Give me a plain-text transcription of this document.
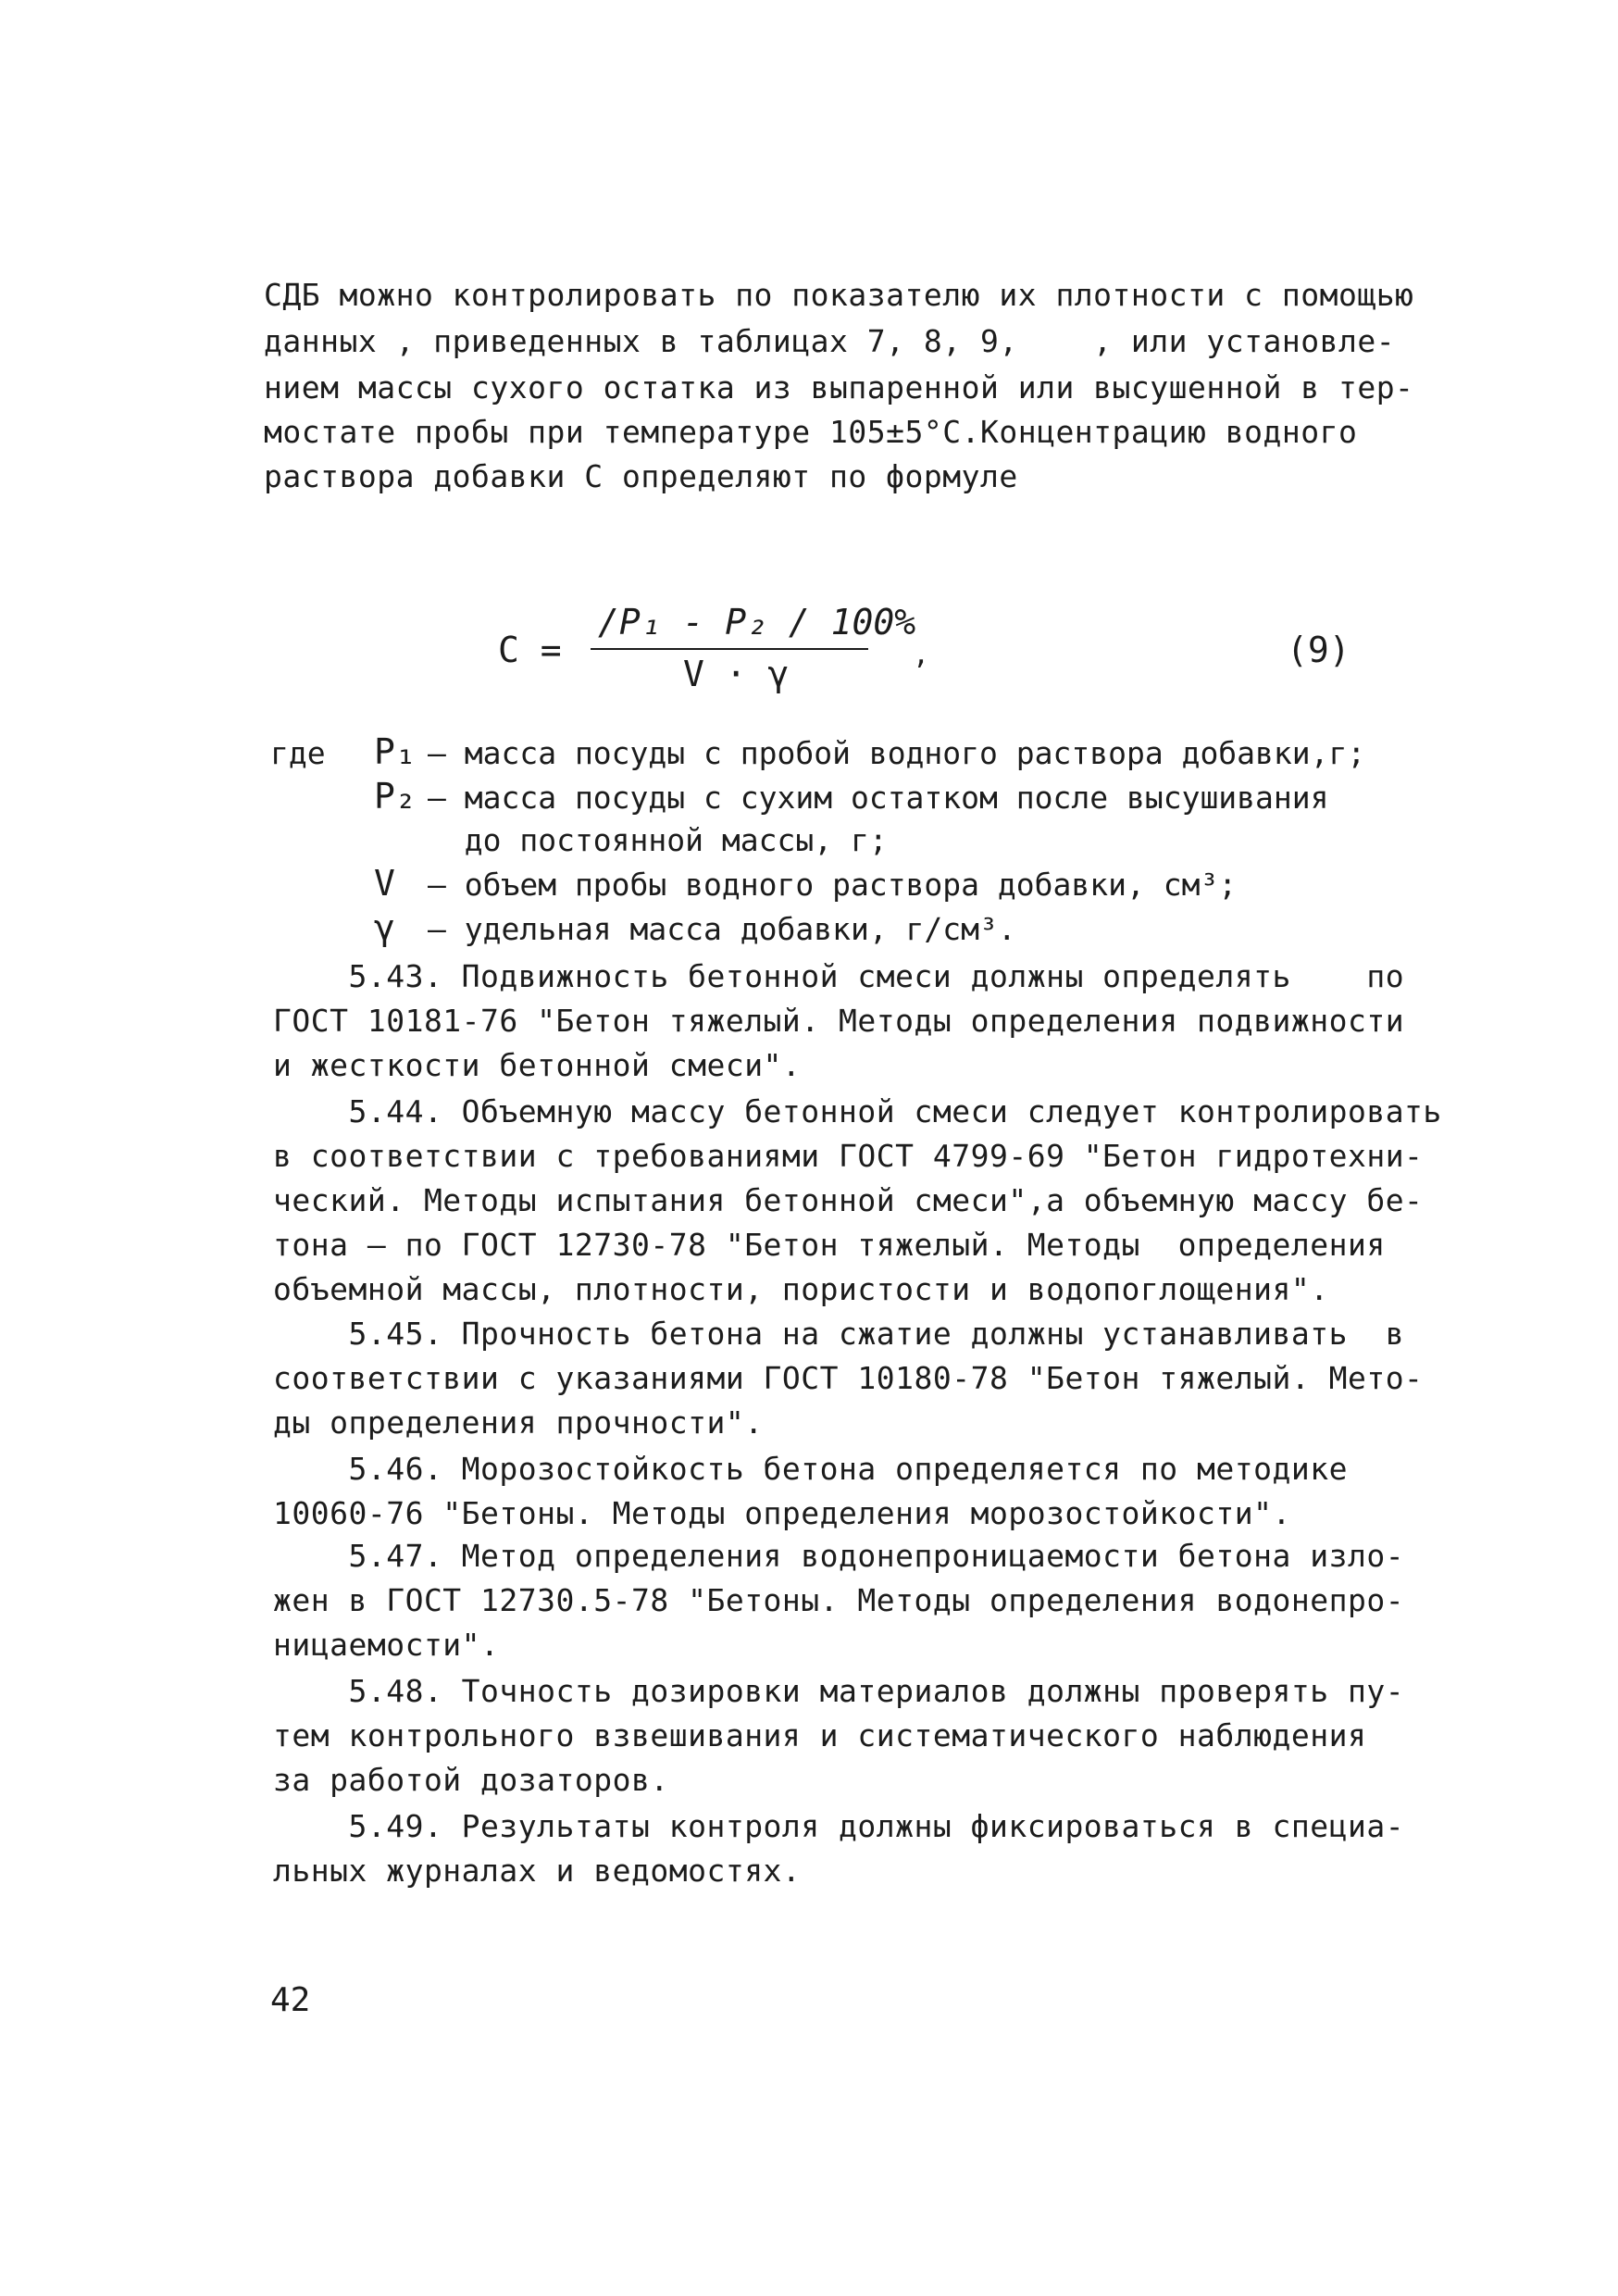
СДБ можно контролировать по показателю их плотности с помощью
данных , приведенных в таблицах 7, 8, 9,    , или установле-
нием массы сухого остатка из выпаренной или высушенной в тер-
мостате пробы при температуре 105±5°С.Концентрацию водного
раствора добавки С определяют по формуле
C =
/P₁ - P₂ / 100%
V · γ	,	(9)
где P₁ – масса посуды с пробой водного раствора добавки,г;
P₂ – масса посуды с сухим остатком после высушивания
до постоянной массы, г;
V – объем пробы водного раствора добавки, см³;
γ – удельная масса добавки, г/см³.
5.43. Подвижность бетонной смеси должны определять    по
ГОСТ 10181-76 "Бетон тяжелый. Методы определения подвижности
и жесткости бетонной смеси".
5.44. Объемную массу бетонной смеси следует контролировать
в соответствии с требованиями ГОСТ 4799-69 "Бетон гидротехни-
ческий. Методы испытания бетонной смеси",а объемную массу бе-
тона – по ГОСТ 12730-78 "Бетон тяжелый. Методы  определения
объемной массы, плотности, пористости и водопоглощения".
5.45. Прочность бетона на сжатие должны устанавливать  в
соответствии с указаниями ГОСТ 10180-78 "Бетон тяжелый. Мето-
ды определения прочности".
5.46. Морозостойкость бетона определяется по методике
10060-76 "Бетоны. Методы определения морозостойкости".
5.47. Метод определения водонепроницаемости бетона изло-
жен в ГОСТ 12730.5-78 "Бетоны. Методы определения водонепро-
ницаемости".
5.48. Точность дозировки материалов должны проверять пу-
тем контрольного взвешивания и систематического наблюдения
за работой дозаторов.
5.49. Результаты контроля должны фиксироваться в специа-
льных журналах и ведомостях.
42
